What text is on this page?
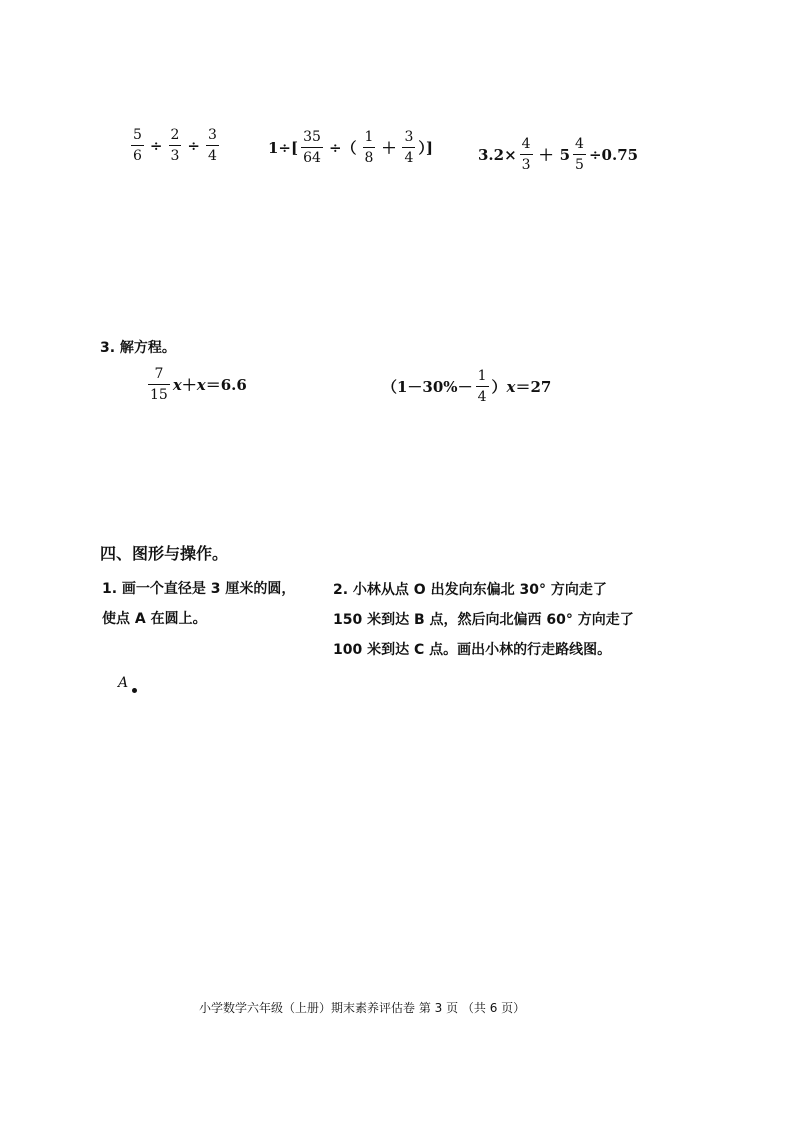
$\frac{5}{6} \div \frac{2}{3} \div \frac{3}{4}$	$1\div[ \frac{35}{64}$ ÷（ $\frac{1}{8} + \frac{3}{4}$ ）]	$3.2\times \frac{4}{3} + 5 \frac{4}{5} \div 0.75$
3. 解方程。
$\frac{7}{15}$ x ＋ x ＝6.6	（$1-30\%- \frac{1}{4}$ ） x ＝27
四、图形与操作。
1. 画一个直径是 3 厘米的圆，
使点 A 在圆上。
A
2. 小林从点 O 出发向东偏北 30° 方向走了
150 米到达 B 点，然后向北偏西 60° 方向走了
100 米到达 C 点。画出小林的行走路线图。
小学数学六年级（上册）期末素养评估卷 第 3 页 （共 6 页）
